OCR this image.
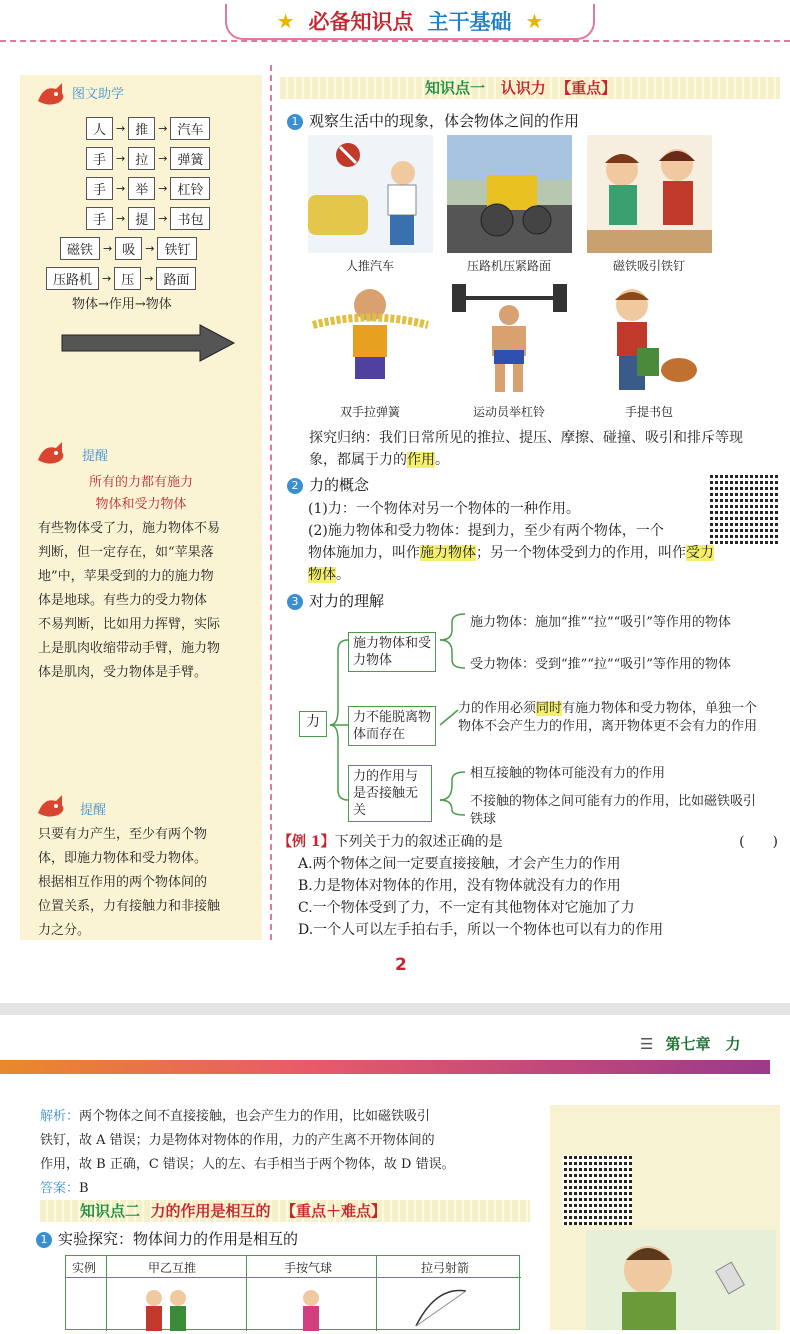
★ 必备知识点 主干基础 ★
图文助学
人 → 推 → 汽车
手 → 拉 → 弹簧
手 → 举 → 杠铃
手 → 提 → 书包
磁铁 → 吸 → 铁钉
压路机 → 压 → 路面
物体→作用→物体
提醒
所有的力都有施力
物体和受力物体
有些物体受了力，施力物体不易
判断，但一定存在，如“苹果落
地”中，苹果受到的力的施力物
体是地球。有些力的受力物体
不易判断，比如用力挥臂，实际
上是肌肉收缩带动手臂，施力物
体是肌肉，受力物体是手臂。
提醒
只要有力产生，至少有两个物
体，即施力物体和受力物体。
根据相互作用的两个物体间的
位置关系，力有接触力和非接触
力之分。
知识点一 认识力 【重点】
1 观察生活中的现象，体会物体之间的作用
人推汽车	压路机压紧路面	磁铁吸引铁钉
双手拉弹簧	运动员举杠铃	手提书包
探究归纳：我们日常所见的推拉、提压、摩擦、碰撞、吸引和排斥等现
象，都属于力的作用。
2 力的概念
(1)力：一个物体对另一个物体的一种作用。
(2)施力物体和受力物体：提到力，至少有两个物体，一个
物体施加力，叫作施力物体；另一个物体受到力的作用，叫作受力
物体。
3 对力的理解
力
施力物体和受力物体
力不能脱离物体而存在
力的作用与是否接触无关
施力物体：施加“推”“拉”“吸引”等作用的物体
受力物体：受到“推”“拉”“吸引”等作用的物体
力的作用必须同时有施力物体和受力物体，单独一个物体不会产生力的作用，离开物体更不会有力的作用
相互接触的物体可能没有力的作用
不接触的物体之间可能有力的作用，比如磁铁吸引铁球
【例 1】下列关于力的叙述正确的是	(　　)
A.两个物体之间一定要直接接触，才会产生力的作用
B.力是物体对物体的作用，没有物体就没有力的作用
C.一个物体受到了力，不一定有其他物体对它施加了力
D.一个人可以左手拍右手，所以一个物体也可以有力的作用
2
☰ 第七章　力
解析：两个物体之间不直接接触，也会产生力的作用，比如磁铁吸引
铁钉，故 A 错误；力是物体对物体的作用，力的产生离不开物体间的
作用，故 B 正确，C 错误；人的左、右手相当于两个物体，故 D 错误。
答案：B
知识点二 力的作用是相互的 【重点＋难点】
1 实验探究：物体间力的作用是相互的
实例	甲乙互推	手按气球	拉弓射箭
